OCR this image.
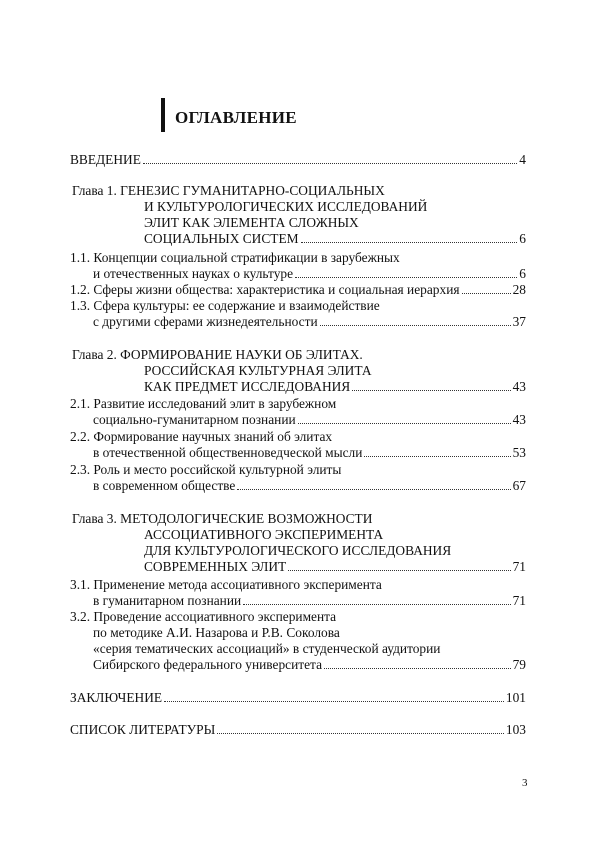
ОГЛАВЛЕНИЕ
ВВЕДЕНИЕ	4
Глава 1. ГЕНЕЗИС ГУМАНИТАРНО-СОЦИАЛЬНЫХ
И КУЛЬТУРОЛОГИЧЕСКИХ ИССЛЕДОВАНИЙ
ЭЛИТ КАК ЭЛЕМЕНТА СЛОЖНЫХ
СОЦИАЛЬНЫХ СИСТЕМ	6
1.1. Концепции социальной стратификации в зарубежных
и отечественных науках о культуре	6
1.2. Сферы жизни общества: характеристика и социальная иерархия	28
1.3. Сфера культуры: ее содержание и взаимодействие
с другими сферами жизнедеятельности	37
Глава 2. ФОРМИРОВАНИЕ НАУКИ ОБ ЭЛИТАХ.
РОССИЙСКАЯ КУЛЬТУРНАЯ ЭЛИТА
КАК ПРЕДМЕТ ИССЛЕДОВАНИЯ	43
2.1. Развитие исследований элит в зарубежном
социально-гуманитарном познании	43
2.2. Формирование научных знаний об элитах
в отечественной общественноведческой мысли	53
2.3. Роль и место российской культурной элиты
в современном обществе	67
Глава 3. МЕТОДОЛОГИЧЕСКИЕ ВОЗМОЖНОСТИ
АССОЦИАТИВНОГО ЭКСПЕРИМЕНТА
ДЛЯ КУЛЬТУРОЛОГИЧЕСКОГО ИССЛЕДОВАНИЯ
СОВРЕМЕННЫХ ЭЛИТ	71
3.1. Применение метода ассоциативного эксперимента
в гуманитарном познании	71
3.2. Проведение ассоциативного эксперимента
по методике А.И. Назарова и Р.В. Соколова
«серия тематических ассоциаций» в студенческой аудитории
Сибирского федерального университета	79
ЗАКЛЮЧЕНИЕ	101
СПИСОК ЛИТЕРАТУРЫ	103
3
